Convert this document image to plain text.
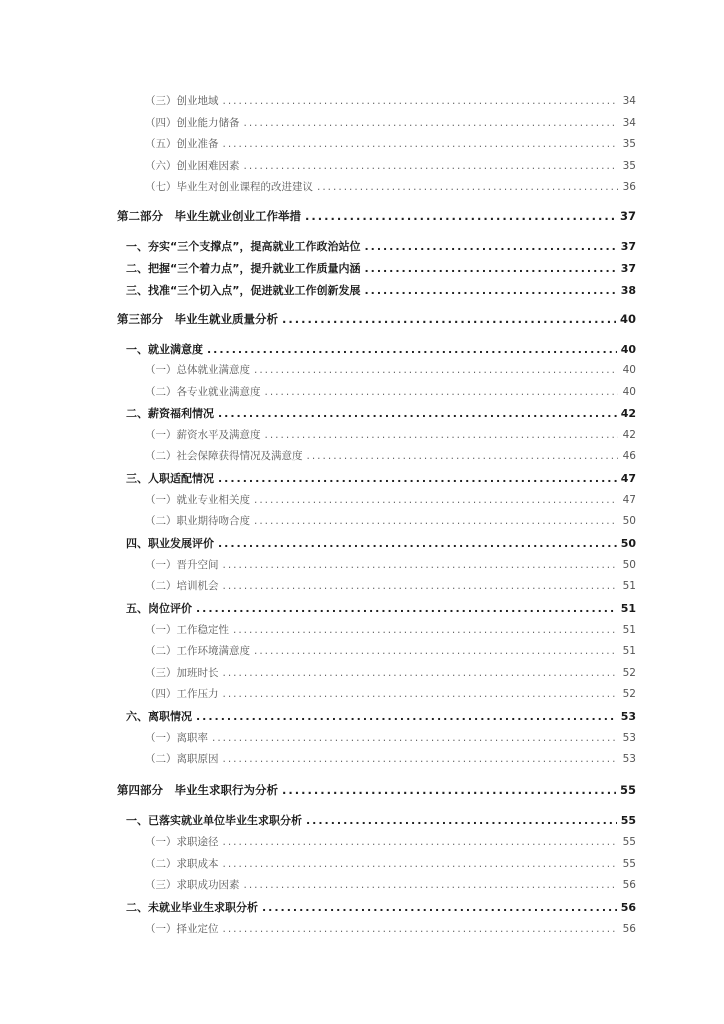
（三）创业地域 .....	34
（四）创业能力储备 .....	34
（五）创业准备 .....	35
（六）创业困难因素 .....	35
（七）毕业生对创业课程的改进建议 .....	36
第二部分　毕业生就业创业工作举措 .....	37
一、夯实“三个支撑点”，提高就业工作政治站位 .....	37
二、把握“三个着力点”，提升就业工作质量内涵 .....	37
三、找准“三个切入点”，促进就业工作创新发展 .....	38
第三部分　毕业生就业质量分析 .....	40
一、就业满意度 .....	40
（一）总体就业满意度 .....	40
（二）各专业就业满意度 .....	40
二、薪资福利情况 .....	42
（一）薪资水平及满意度 .....	42
（二）社会保障获得情况及满意度 .....	46
三、人职适配情况 .....	47
（一）就业专业相关度 .....	47
（二）职业期待吻合度 .....	50
四、职业发展评价 .....	50
（一）晋升空间 .....	50
（二）培训机会 .....	51
五、岗位评价 .....	51
（一）工作稳定性 .....	51
（二）工作环境满意度 .....	51
（三）加班时长 .....	52
（四）工作压力 .....	52
六、离职情况 .....	53
（一）离职率 .....	53
（二）离职原因 .....	53
第四部分　毕业生求职行为分析 .....	55
一、已落实就业单位毕业生求职分析 .....	55
（一）求职途径 .....	55
（二）求职成本 .....	55
（三）求职成功因素 .....	56
二、未就业毕业生求职分析 .....	56
（一）择业定位 .....	56
